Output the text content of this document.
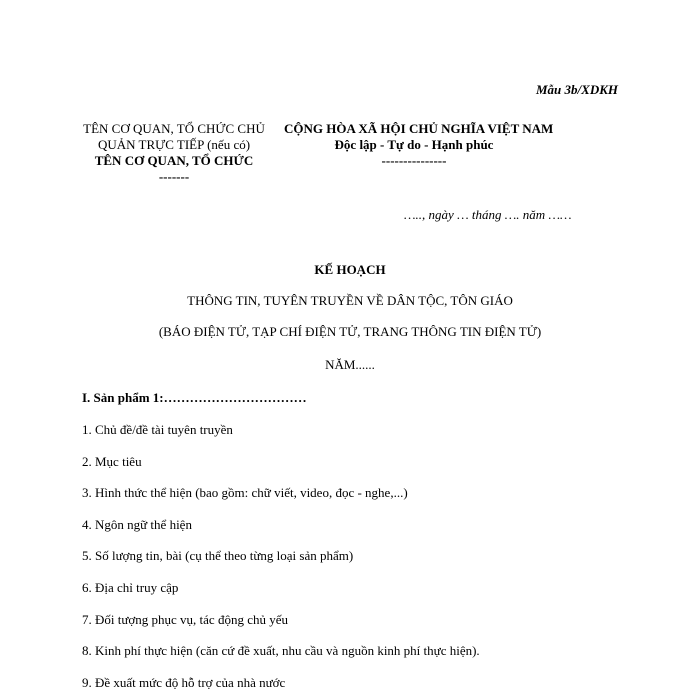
Mẫu 3b/XDKH
TÊN CƠ QUAN, TỔ CHỨC CHỦ QUẢN TRỰC TIẾP (nếu có)
TÊN CƠ QUAN, TỔ CHỨC
-------
CỘNG HÒA XÃ HỘI CHỦ NGHĨA VIỆT NAM
Độc lập - Tự do - Hạnh phúc
---------------
….., ngày … tháng …. năm ……
KẾ HOẠCH
THÔNG TIN, TUYÊN TRUYỀN VỀ DÂN TỘC, TÔN GIÁO
(BÁO ĐIỆN TỬ, TẠP CHÍ ĐIỆN TỬ, TRANG THÔNG TIN ĐIỆN TỬ)
NĂM......
I. Sản phẩm 1:……………………………
1. Chủ đề/đề tài tuyên truyền
2. Mục tiêu
3. Hình thức thể hiện (bao gồm: chữ viết, video, đọc - nghe,...)
4. Ngôn ngữ thể hiện
5. Số lượng tin, bài (cụ thể theo từng loại sản phẩm)
6. Địa chỉ truy cập
7. Đối tượng phục vụ, tác động chủ yếu
8. Kinh phí thực hiện (căn cứ đề xuất, nhu cầu và nguồn kinh phí thực hiện).
9. Đề xuất mức độ hỗ trợ của nhà nước
